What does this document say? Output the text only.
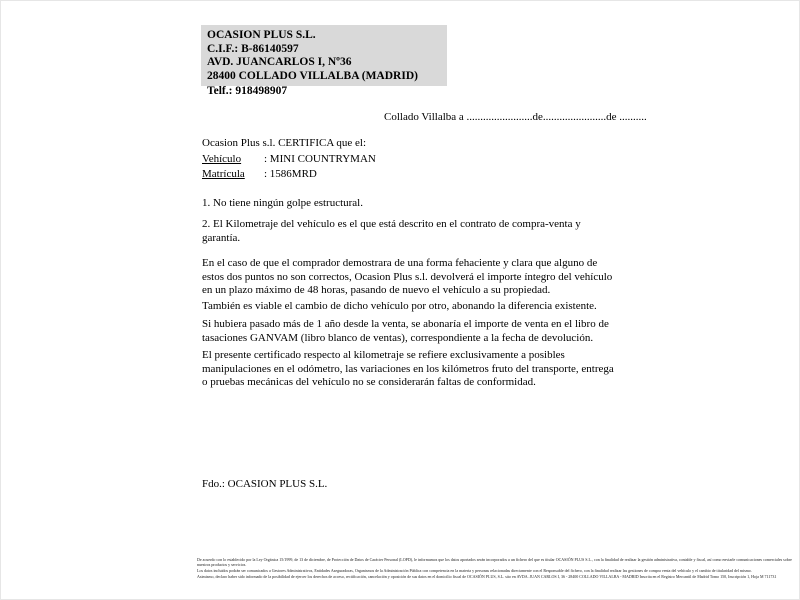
OCASION PLUS S.L.
C.I.F.: B-86140597
AVD. JUANCARLOS I, Nº36
28400 COLLADO VILLALBA (MADRID)
Telf.: 918498907
Collado Villalba a ........................de.......................de ..........
Ocasion Plus s.l. CERTIFICA que el:
Vehículo : MINI COUNTRYMAN
Matrícula : 1586MRD
1. No tiene ningún golpe estructural.
2. El Kilometraje del vehículo es el que está descrito en el contrato de compra-venta y garantía.
En el caso de que el comprador demostrara de una forma fehaciente y clara que alguno de estos dos puntos no son correctos, Ocasion Plus s.l. devolverá el importe íntegro del vehículo en un plazo máximo de 48 horas, pasando de nuevo el vehículo a su propiedad.
También es viable el cambio de dicho vehículo por otro, abonando la diferencia existente.
Si hubiera pasado más de 1 año desde la venta, se abonaría el importe de venta en el libro de tasaciones GANVAM (libro blanco de ventas), correspondiente a la fecha de devolución.
El presente certificado respecto al kilometraje se refiere exclusivamente a posibles manipulaciones en el odómetro, las variaciones en los kilómetros fruto del transporte, entrega o pruebas mecánicas del vehículo no se considerarán faltas de conformidad.
Fdo.: OCASION PLUS S.L.
De acuerdo con lo establecido por la Ley Orgánica 15/1999, de 13 de diciembre, de Protección de Datos de Carácter Personal (LOPD), le informamos que los datos aportados serán incorporados a un fichero del que es titular OCASIÓN PLUS S.L., con la finalidad de realizar la gestión administrativa, contable y fiscal, así como enviarle comunicaciones comerciales sobre nuestros productos y servicios.
Los datos incluidos podrán ser comunicados a Gestores Administrativos, Entidades Aseguradoras, Organismos de la Administración Pública con competencia en la materia y personas relacionadas directamente con el Responsable del fichero, con la finalidad realizar las gestiones de compra venta del vehículo y el cambio de titularidad del mismo.
Asimismo, declaro haber sido informado de la posibilidad de ejercer los derechos de acceso, rectificación, cancelación y oposición de sus datos en el domicilio fiscal de OCASIÓN PLUS, S.L. sito en AVDA. JUAN CARLOS I, 36 - 28400 COLLADO VILLALBA - MADRID Inscrita en el Registro Mercantil de Madrid Tomo 150, Inscripción 1, Hoja M 711731
